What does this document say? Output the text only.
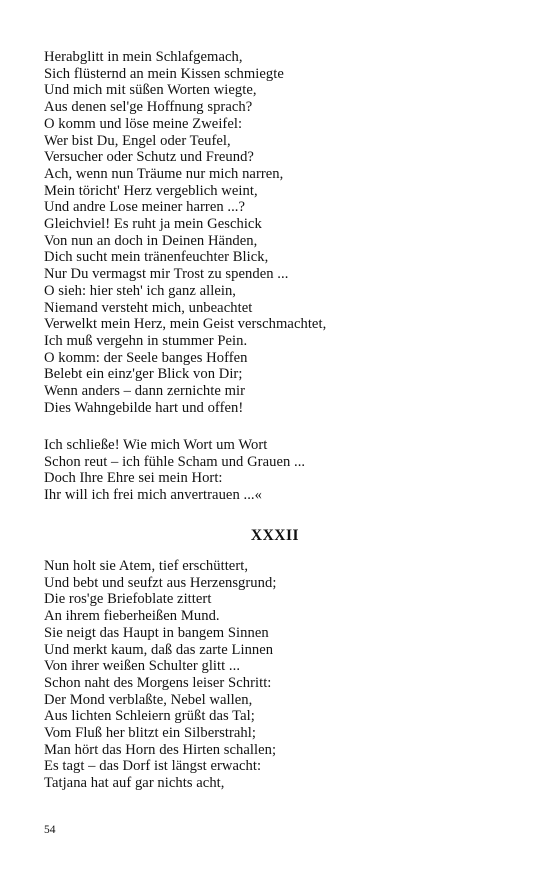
Herabglitt in mein Schlafgemach,
Sich flüsternd an mein Kissen schmiegte
Und mich mit süßen Worten wiegte,
Aus denen sel'ge Hoffnung sprach?
O komm und löse meine Zweifel:
Wer bist Du, Engel oder Teufel,
Versucher oder Schutz und Freund?
Ach, wenn nun Träume nur mich narren,
Mein töricht' Herz vergeblich weint,
Und andre Lose meiner harren ...?
Gleichviel! Es ruht ja mein Geschick
Von nun an doch in Deinen Händen,
Dich sucht mein tränenfeuchter Blick,
Nur Du vermagst mir Trost zu spenden ...
O sieh: hier steh' ich ganz allein,
Niemand versteht mich, unbeachtet
Verwelkt mein Herz, mein Geist verschmachtet,
Ich muß vergehn in stummer Pein.
O komm: der Seele banges Hoffen
Belebt ein einz'ger Blick von Dir;
Wenn anders – dann zernichte mir
Dies Wahngebilde hart und offen!
Ich schließe! Wie mich Wort um Wort
Schon reut – ich fühle Scham und Grauen ...
Doch Ihre Ehre sei mein Hort:
Ihr will ich frei mich anvertrauen ...«
XXXII
Nun holt sie Atem, tief erschüttert,
Und bebt und seufzt aus Herzensgrund;
Die ros'ge Briefoblate zittert
An ihrem fieberheißen Mund.
Sie neigt das Haupt in bangem Sinnen
Und merkt kaum, daß das zarte Linnen
Von ihrer weißen Schulter glitt ...
Schon naht des Morgens leiser Schritt:
Der Mond verblaßte, Nebel wallen,
Aus lichten Schleiern grüßt das Tal;
Vom Fluß her blitzt ein Silberstrahl;
Man hört das Horn des Hirten schallen;
Es tagt – das Dorf ist längst erwacht:
Tatjana hat auf gar nichts acht,
54
